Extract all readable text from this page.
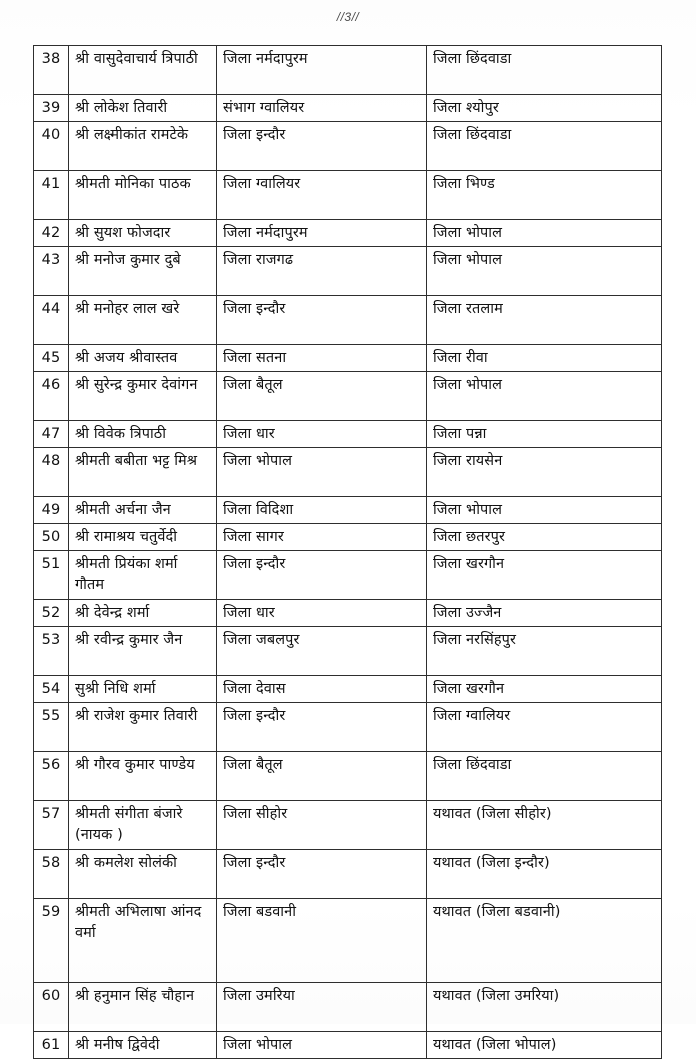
//3//
38	श्री वासुदेवाचार्य त्रिपाठी	जिला नर्मदापुरम	जिला छिंदवाडा
39	श्री लोकेश तिवारी	संभाग ग्वालियर	जिला श्योपुर
40	श्री लक्ष्मीकांत रामटेके	जिला इन्दौर	जिला छिंदवाडा
41	श्रीमती मोनिका पाठक	जिला ग्वालियर	जिला भिण्ड
42	श्री सुयश फोजदार	जिला नर्मदापुरम	जिला भोपाल
43	श्री मनोज कुमार दुबे	जिला राजगढ	जिला भोपाल
44	श्री मनोहर लाल खरे	जिला इन्दौर	जिला रतलाम
45	श्री अजय श्रीवास्तव	जिला सतना	जिला रीवा
46	श्री सुरेन्द्र कुमार देवांगन	जिला बैतूल	जिला भोपाल
47	श्री विवेक त्रिपाठी	जिला धार	जिला पन्ना
48	श्रीमती बबीता भट्ट मिश्र	जिला भोपाल	जिला रायसेन
49	श्रीमती अर्चना जैन	जिला विदिशा	जिला भोपाल
50	श्री रामाश्रय चतुर्वेदी	जिला सागर	जिला छतरपुर
51	श्रीमती प्रियंका शर्मा गौतम	जिला इन्दौर	जिला खरगौन
52	श्री देवेन्द्र शर्मा	जिला धार	जिला उज्जैन
53	श्री रवीन्द्र कुमार जैन	जिला जबलपुर	जिला नरसिंहपुर
54	सुश्री निधि शर्मा	जिला देवास	जिला खरगौन
55	श्री राजेश कुमार तिवारी	जिला इन्दौर	जिला ग्वालियर
56	श्री गौरव कुमार पाण्डेय	जिला बैतूल	जिला छिंदवाडा
57	श्रीमती संगीता बंजारे (नायक )	जिला सीहोर	यथावत (जिला सीहोर)
58	श्री कमलेश सोलंकी	जिला इन्दौर	यथावत (जिला इन्दौर)
59	श्रीमती अभिलाषा आंनद वर्मा	जिला बडवानी	यथावत (जिला बडवानी)
60	श्री हनुमान सिंह चौहान	जिला उमरिया	यथावत (जिला उमरिया)
61	श्री मनीष द्विवेदी	जिला भोपाल	यथावत (जिला भोपाल)
